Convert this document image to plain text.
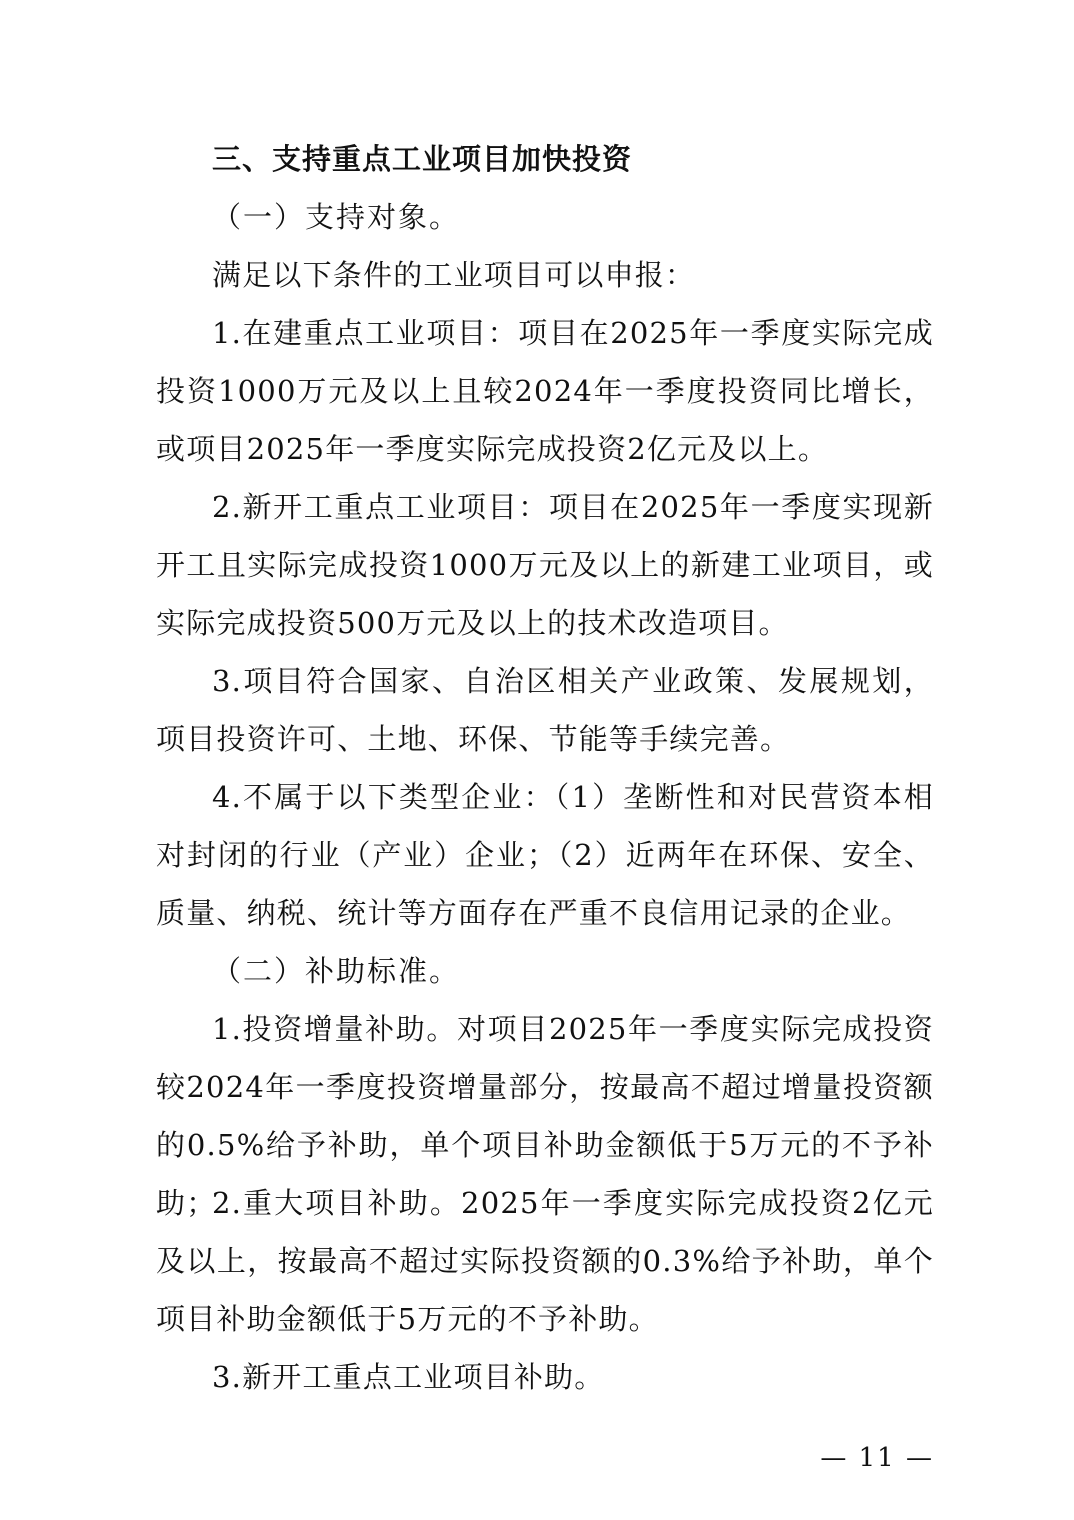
三、支持重点工业项目加快投资

（一）支持对象。

满足以下条件的工业项目可以申报：

1.在建重点工业项目：项目在2025年一季度实际完成投资1000万元及以上且较2024年一季度投资同比增长，或项目2025年一季度实际完成投资2亿元及以上。

2.新开工重点工业项目：项目在2025年一季度实现新开工且实际完成投资1000万元及以上的新建工业项目，或实际完成投资500万元及以上的技术改造项目。

3.项目符合国家、自治区相关产业政策、发展规划，项目投资许可、土地、环保、节能等手续完善。

4.不属于以下类型企业：（1）垄断性和对民营资本相对封闭的行业（产业）企业；（2）近两年在环保、安全、质量、纳税、统计等方面存在严重不良信用记录的企业。

（二）补助标准。

1.投资增量补助。对项目2025年一季度实际完成投资较2024年一季度投资增量部分，按最高不超过增量投资额的0.5%给予补助，单个项目补助金额低于5万元的不予补助；

2.重大项目补助。2025年一季度实际完成投资2亿元及以上，按最高不超过实际投资额的0.3%给予补助，单个项目补助金额低于5万元的不予补助。

3.新开工重点工业项目补助。

— 11 —
